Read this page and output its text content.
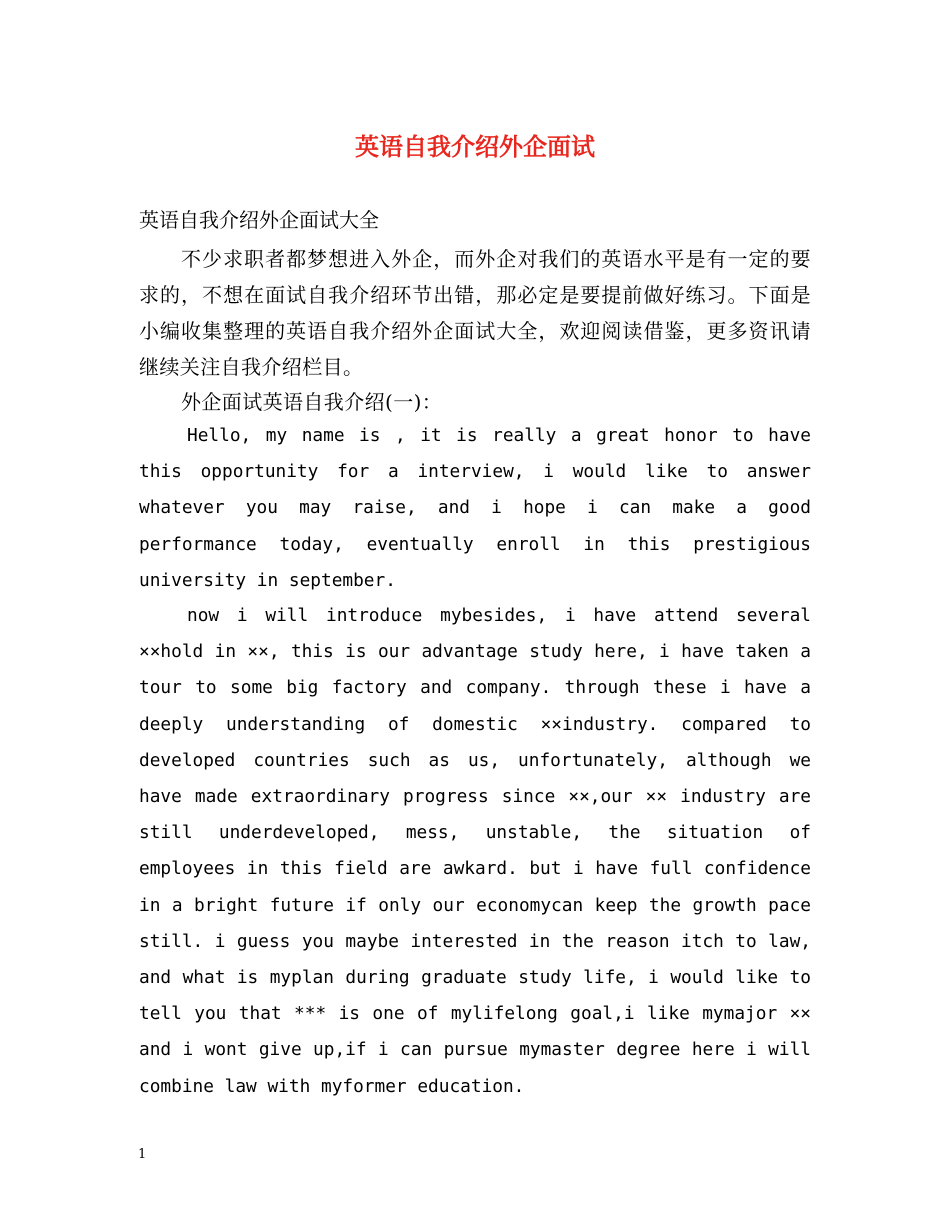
英语自我介绍外企面试
英语自我介绍外企面试大全
不少求职者都梦想进入外企，而外企对我们的英语水平是有一定的要求的，不想在面试自我介绍环节出错，那必定是要提前做好练习。下面是小编收集整理的英语自我介绍外企面试大全，欢迎阅读借鉴，更多资讯请继续关注自我介绍栏目。
外企面试英语自我介绍(一)：
Hello, my name is , it is really a great honor to have this opportunity for a interview, i would like to answer whatever you may raise, and i hope i can make a good performance today, eventually enroll in this prestigious university in september.
now i will introduce mybesides, i have attend several ××hold in ××, this is our advantage study here, i have taken a tour to some big factory and company. through these i have a deeply understanding of domestic ××industry. compared to developed countries such as us, unfortunately, although we have made extraordinary progress since ××,our ×× industry are still underdeveloped, mess, unstable, the situation of employees in this field are awkard. but i have full confidence in a bright future if only our economycan keep the growth pace still. i guess you maybe interested in the reason itch to law, and what is myplan during graduate study life, i would like to tell you that *** is one of mylifelong goal,i like mymajor ×× and i wont give up,if i can pursue mymaster degree here i will combine law with myformer education.
1
